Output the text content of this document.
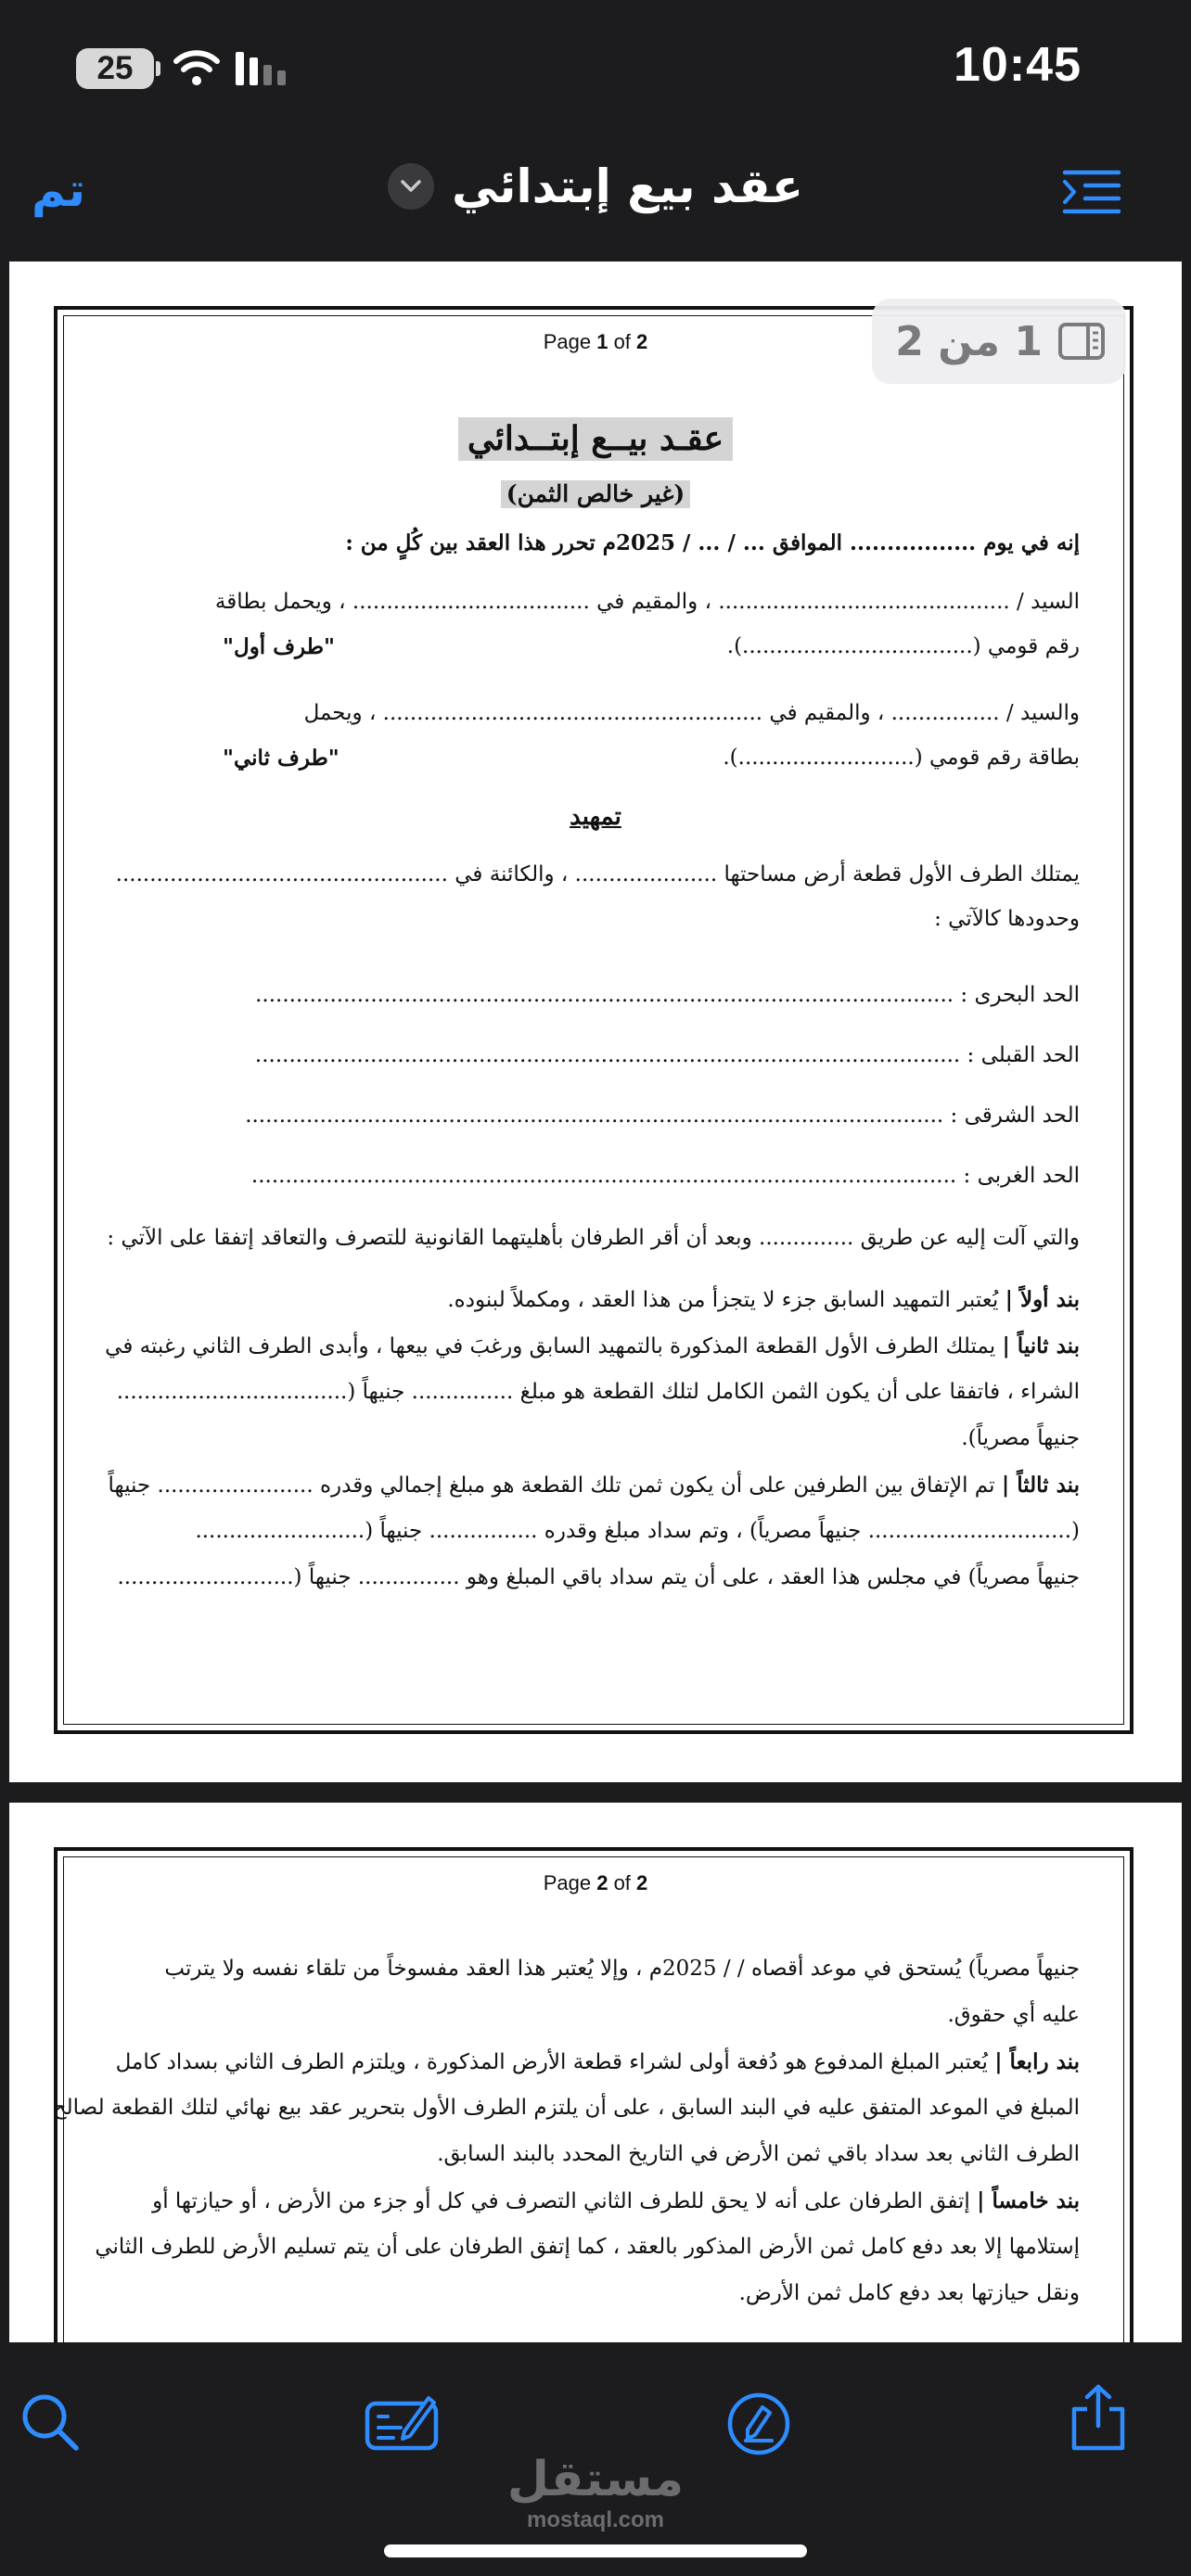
25	10:45
تم	عقد بيع إبتدائي
Page 1 of 2	1 من 2
عقـد بيــع إبتــدائي
(غير خالص الثمن)
إنه في يوم ................. الموافق ... / ... / 2025م تحرر هذا العقد بين كُلٍ من :
السيد / ........................................... ، والمقيم في ................................... ، ويحمل بطاقة
رقم قومي (..................................).
"طرف أول"
والسيد / ................ ، والمقيم في ........................................................ ، ويحمل
بطاقة رقم قومي (..........................).
"طرف ثاني"
تمهيد
يمتلك الطرف الأول قطعة أرض مساحتها ..................... ، والكائنة في .................................................
وحدودها كالآتي :
الحد البحرى : .......................................................................................................
الحد القبلى : ........................................................................................................
الحد الشرقى : .......................................................................................................
الحد الغربى : ........................................................................................................
والتي آلت إليه عن طريق .............. وبعد أن أقر الطرفان بأهليتهما القانونية للتصرف والتعاقد إتفقا على الآتي :
بند أولاً | يُعتبر التمهيد السابق جزء لا يتجزأ من هذا العقد ، ومكملاً لبنوده.
بند ثانياً | يمتلك الطرف الأول القطعة المذكورة بالتمهيد السابق ورغبَ في بيعها ، وأبدى الطرف الثاني رغبته في
الشراء ، فاتفقا على أن يكون الثمن الكامل لتلك القطعة هو مبلغ ............... جنيهاً (..................................
جنيهاً مصرياً).
بند ثالثاً | تم الإتفاق بين الطرفين على أن يكون ثمن تلك القطعة هو مبلغ إجمالي وقدره ....................... جنيهاً
(.............................. جنيهاً مصرياً) ، وتم سداد مبلغ وقدره ................ جنيهاً (.........................
جنيهاً مصرياً) في مجلس هذا العقد ، على أن يتم سداد باقي المبلغ وهو ............... جنيهاً (..........................
Page 2 of 2
جنيهاً مصرياً) يُستحق في موعد أقصاه / / 2025م ، وإلا يُعتبر هذا العقد مفسوخاً من تلقاء نفسه ولا يترتب
عليه أي حقوق.
بند رابعاً | يُعتبر المبلغ المدفوع هو دُفعة أولى لشراء قطعة الأرض المذكورة ، ويلتزم الطرف الثاني بسداد كامل
المبلغ في الموعد المتفق عليه في البند السابق ، على أن يلتزم الطرف الأول بتحرير عقد بيع نهائي لتلك القطعة لصالح
الطرف الثاني بعد سداد باقي ثمن الأرض في التاريخ المحدد بالبند السابق.
بند خامساً | إتفق الطرفان على أنه لا يحق للطرف الثاني التصرف في كل أو جزء من الأرض ، أو حيازتها أو
إستلامها إلا بعد دفع كامل ثمن الأرض المذكور بالعقد ، كما إتفق الطرفان على أن يتم تسليم الأرض للطرف الثاني
ونقل حيازتها بعد دفع كامل ثمن الأرض.
مستقل
mostaql.com
